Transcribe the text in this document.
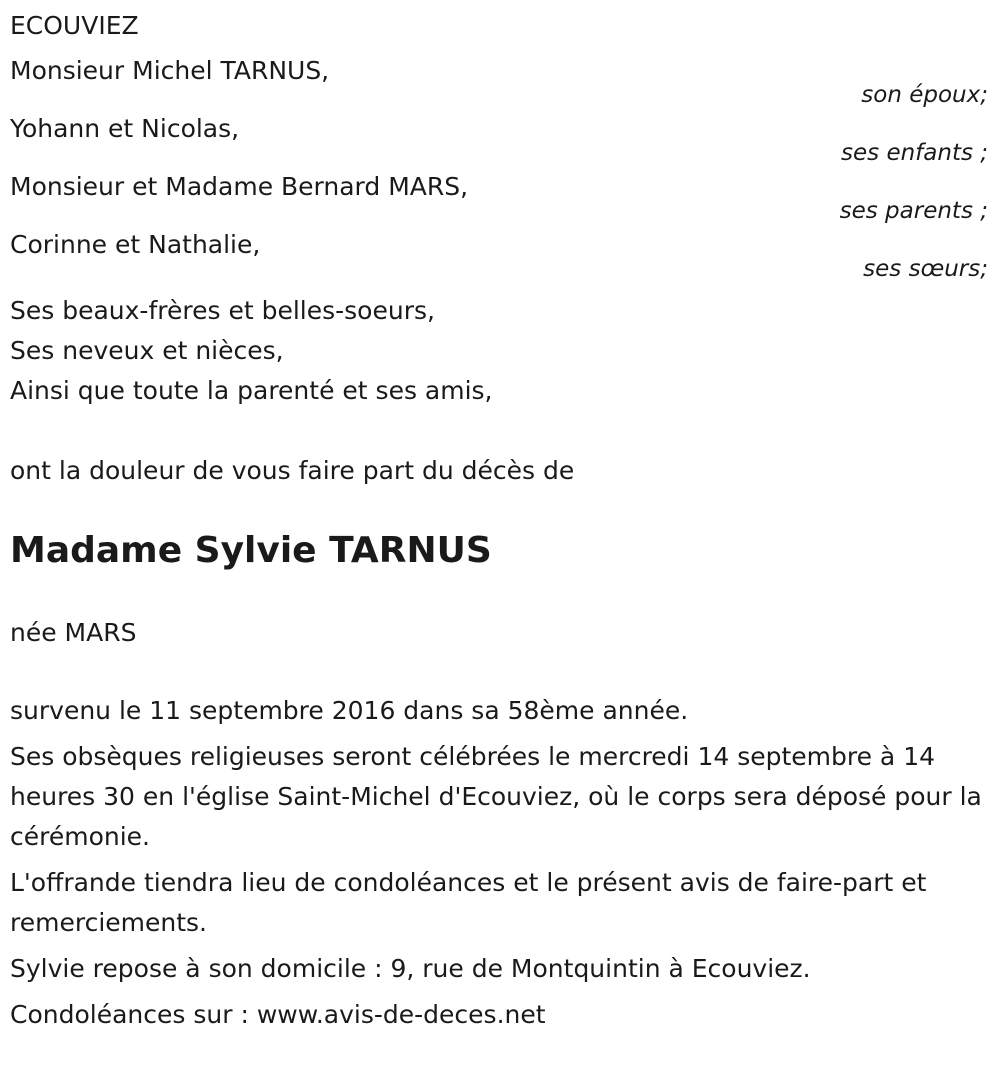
ECOUVIEZ

Monsieur Michel TARNUS,

son époux;

Yohann et Nicolas,

ses enfants ;

Monsieur et Madame Bernard MARS,

ses parents ;

Corinne et Nathalie,

ses sœurs;

Ses beaux-frères et belles-soeurs,

Ses neveux et nièces,

Ainsi que toute la parenté et ses amis,

ont la douleur de vous faire part du décès de

Madame Sylvie TARNUS

née MARS

survenu le 11 septembre 2016 dans sa 58ème année.

Ses obsèques religieuses seront célébrées le mercredi 14 septembre à 14 heures 30 en l'église Saint-Michel d'Ecouviez, où le corps sera déposé pour la cérémonie.

L'offrande tiendra lieu de condoléances et le présent avis de faire-part et remerciements.

Sylvie repose à son domicile : 9, rue de Montquintin à Ecouviez.

Condoléances sur : www.avis-de-deces.net
